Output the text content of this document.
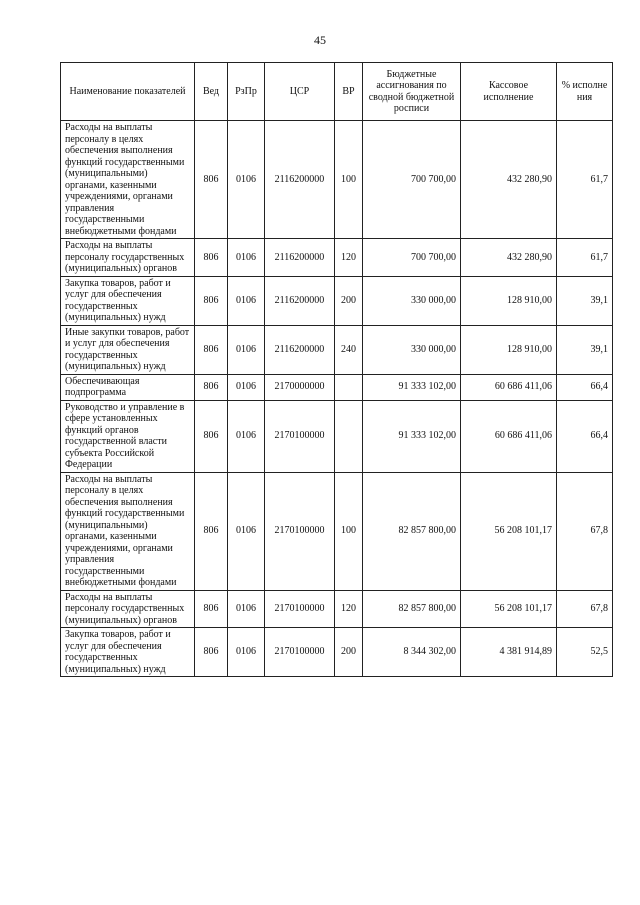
45
Наименование показателей	Вед	РзПр	ЦСР	ВР	Бюджетные ассигнования по сводной бюджетной росписи	Кассовое исполнение	% исполне ния
Расходы на выплаты персоналу в целях обеспечения выполнения функций государственными (муниципальными) органами, казенными учреждениями, органами управления государственными внебюджетными фондами	806	0106	2116200000	100	700 700,00	432 280,90	61,7
Расходы на выплаты персоналу государственных (муниципальных) органов	806	0106	2116200000	120	700 700,00	432 280,90	61,7
Закупка товаров, работ и услуг для обеспечения государственных (муниципальных) нужд	806	0106	2116200000	200	330 000,00	128 910,00	39,1
Иные закупки товаров, работ и услуг для обеспечения государственных (муниципальных) нужд	806	0106	2116200000	240	330 000,00	128 910,00	39,1
Обеспечивающая подпрограмма	806	0106	2170000000		91 333 102,00	60 686 411,06	66,4
Руководство и управление в сфере установленных функций органов государственной власти субъекта Российской Федерации	806	0106	2170100000		91 333 102,00	60 686 411,06	66,4
Расходы на выплаты персоналу в целях обеспечения выполнения функций государственными (муниципальными) органами, казенными учреждениями, органами управления государственными внебюджетными фондами	806	0106	2170100000	100	82 857 800,00	56 208 101,17	67,8
Расходы на выплаты персоналу государственных (муниципальных) органов	806	0106	2170100000	120	82 857 800,00	56 208 101,17	67,8
Закупка товаров, работ и услуг для обеспечения государственных (муниципальных) нужд	806	0106	2170100000	200	8 344 302,00	4 381 914,89	52,5
